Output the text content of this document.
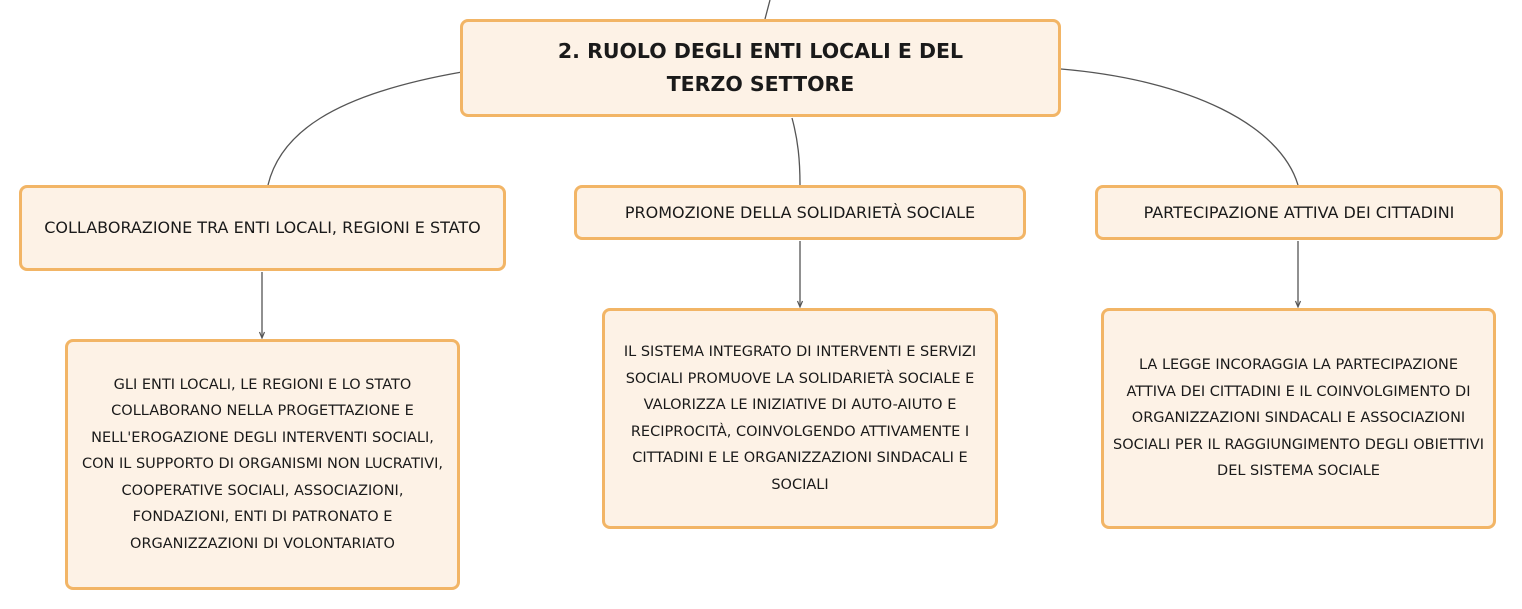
2. RUOLO DEGLI ENTI LOCALI E DEL TERZO SETTORE
COLLABORAZIONE TRA ENTI LOCALI, REGIONI E STATO
PROMOZIONE DELLA SOLIDARIETÀ SOCIALE	PARTECIPAZIONE ATTIVA DEI CITTADINI
GLI ENTI LOCALI, LE REGIONI E LO STATO COLLABORANO NELLA PROGETTAZIONE E NELL'EROGAZIONE DEGLI INTERVENTI SOCIALI, CON IL SUPPORTO DI ORGANISMI NON LUCRATIVI, COOPERATIVE SOCIALI, ASSOCIAZIONI, FONDAZIONI, ENTI DI PATRONATO E ORGANIZZAZIONI DI VOLONTARIATO
IL SISTEMA INTEGRATO DI INTERVENTI E SERVIZI SOCIALI PROMUOVE LA SOLIDARIETÀ SOCIALE E VALORIZZA LE INIZIATIVE DI AUTO-AIUTO E RECIPROCITÀ, COINVOLGENDO ATTIVAMENTE I CITTADINI E LE ORGANIZZAZIONI SINDACALI E SOCIALI
LA LEGGE INCORAGGIA LA PARTECIPAZIONE ATTIVA DEI CITTADINI E IL COINVOLGIMENTO DI ORGANIZZAZIONI SINDACALI E ASSOCIAZIONI SOCIALI PER IL RAGGIUNGIMENTO DEGLI OBIETTIVI DEL SISTEMA SOCIALE
